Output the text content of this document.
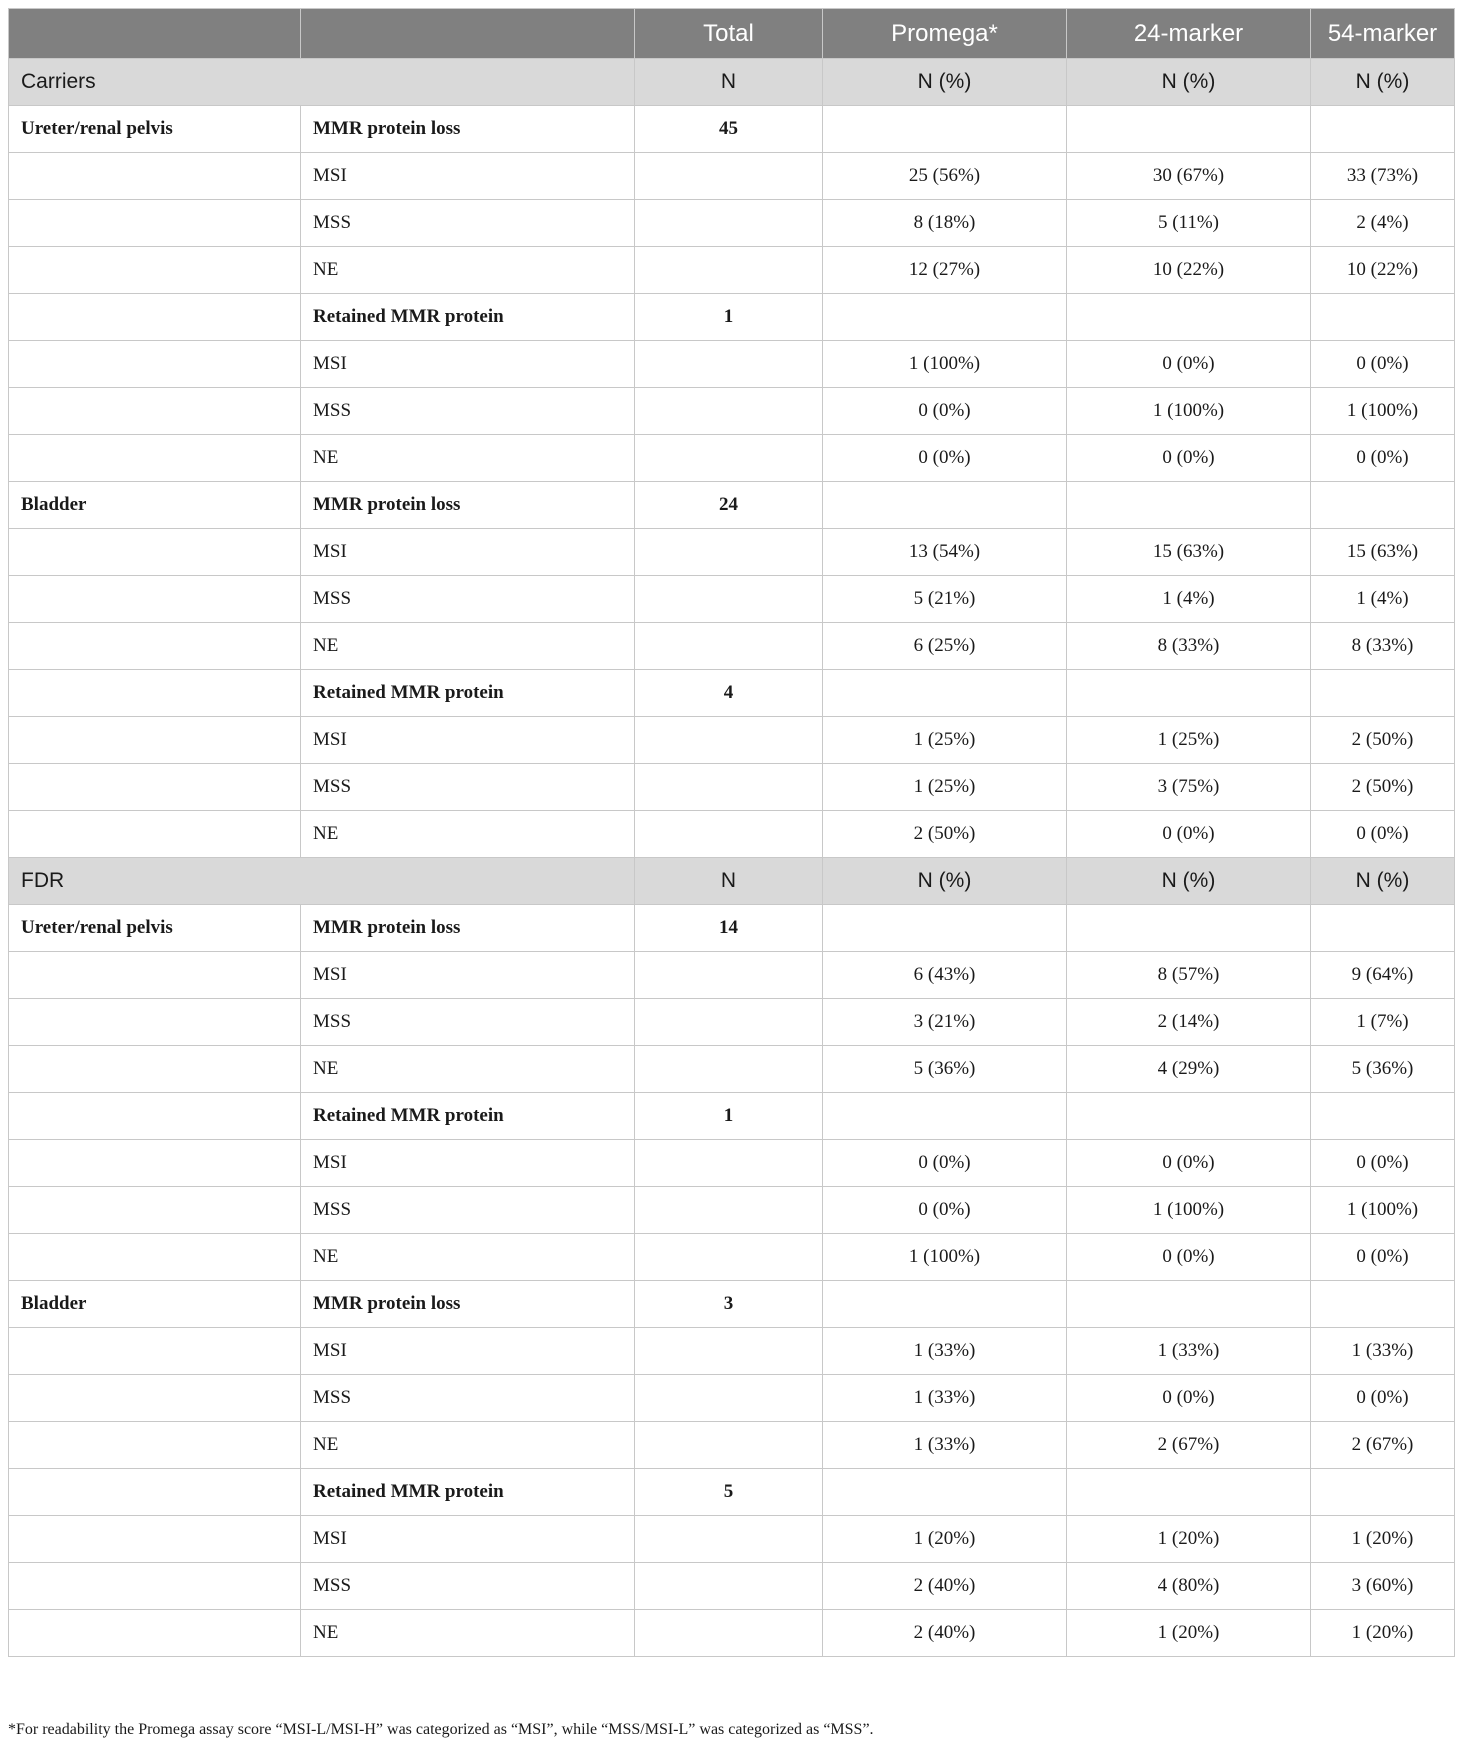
		Total	Promega*	24-marker	54-marker
Carriers		N	N (%)	N (%)	N (%)
Ureter/renal pelvis	MMR protein loss	45			
	MSI		25 (56%)	30 (67%)	33 (73%)
	MSS		8 (18%)	5 (11%)	2 (4%)
	NE		12 (27%)	10 (22%)	10 (22%)
	Retained MMR protein	1			
	MSI		1 (100%)	0 (0%)	0 (0%)
	MSS		0 (0%)	1 (100%)	1 (100%)
	NE		0 (0%)	0 (0%)	0 (0%)
Bladder	MMR protein loss	24			
	MSI		13 (54%)	15 (63%)	15 (63%)
	MSS		5 (21%)	1 (4%)	1 (4%)
	NE		6 (25%)	8 (33%)	8 (33%)
	Retained MMR protein	4			
	MSI		1 (25%)	1 (25%)	2 (50%)
	MSS		1 (25%)	3 (75%)	2 (50%)
	NE		2 (50%)	0 (0%)	0 (0%)
FDR		N	N (%)	N (%)	N (%)
Ureter/renal pelvis	MMR protein loss	14			
	MSI		6 (43%)	8 (57%)	9 (64%)
	MSS		3 (21%)	2 (14%)	1 (7%)
	NE		5 (36%)	4 (29%)	5 (36%)
	Retained MMR protein	1			
	MSI		0 (0%)	0 (0%)	0 (0%)
	MSS		0 (0%)	1 (100%)	1 (100%)
	NE		1 (100%)	0 (0%)	0 (0%)
Bladder	MMR protein loss	3			
	MSI		1 (33%)	1 (33%)	1 (33%)
	MSS		1 (33%)	0 (0%)	0 (0%)
	NE		1 (33%)	2 (67%)	2 (67%)
	Retained MMR protein	5			
	MSI		1 (20%)	1 (20%)	1 (20%)
	MSS		2 (40%)	4 (80%)	3 (60%)
	NE		2 (40%)	1 (20%)	1 (20%)
*For readability the Promega assay score “MSI-L/MSI-H” was categorized as “MSI”, while “MSS/MSI-L” was categorized as “MSS”.
